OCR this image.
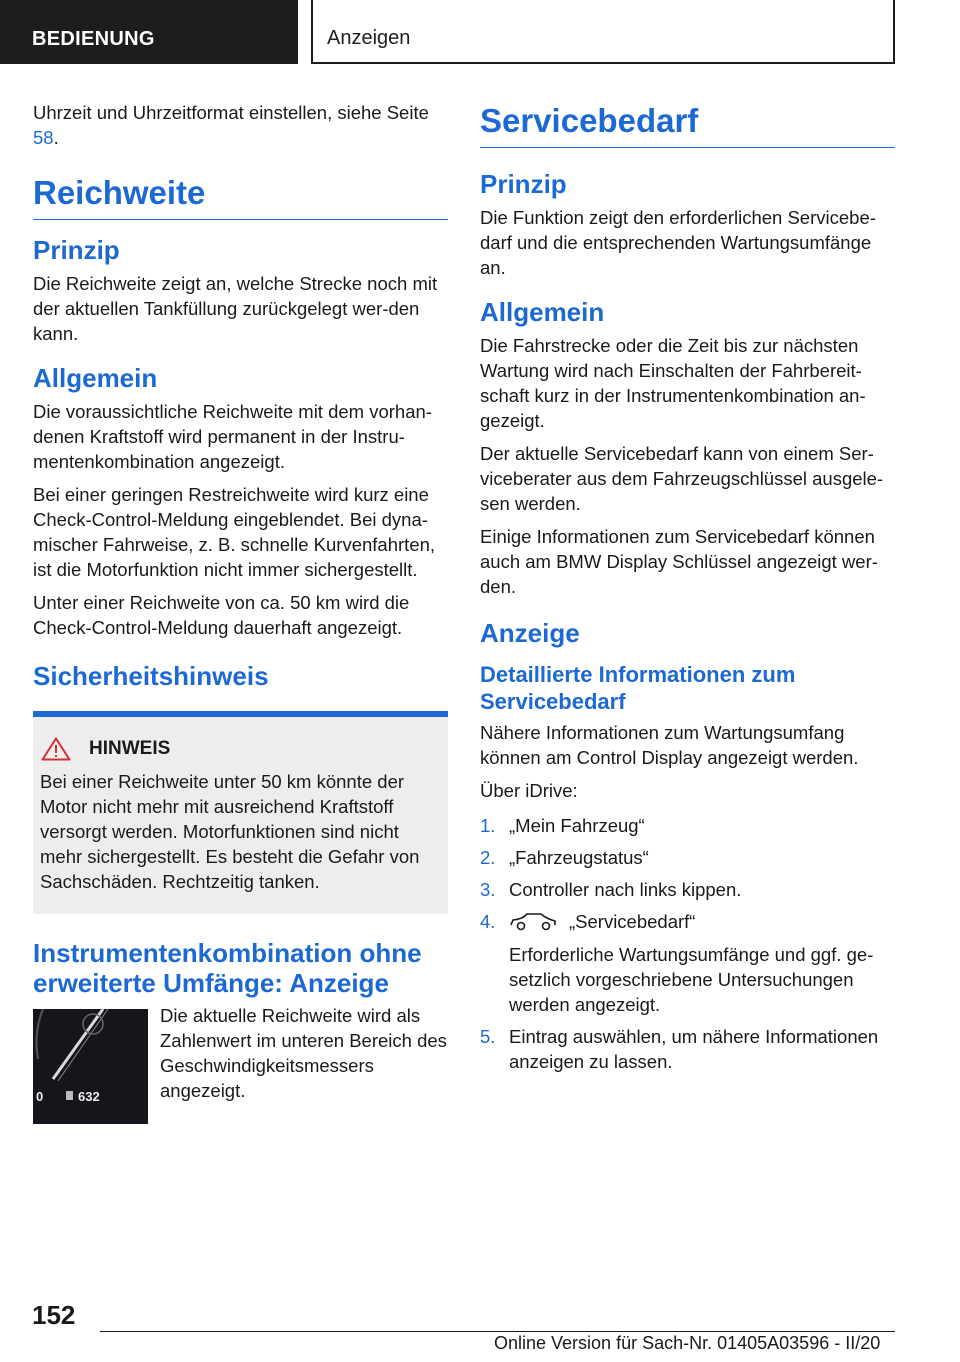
BEDIENUNG	Anzeigen

Uhrzeit und Uhrzeitformat einstellen, siehe Seite 58.

Reichweite
Prinzip

Die Reichweite zeigt an, welche Strecke noch mit der aktuellen Tankfüllung zurückgelegt wer-den kann.

Allgemein

Die voraussichtliche Reichweite mit dem vorhan-denen Kraftstoff wird permanent in der Instru-mentenkombination angezeigt.

Bei einer geringen Restreichweite wird kurz eine Check-Control-Meldung eingeblendet. Bei dyna-mischer Fahrweise, z. B. schnelle Kurvenfahrten, ist die Motorfunktion nicht immer sichergestellt.

Unter einer Reichweite von ca. 50 km wird die Check-Control-Meldung dauerhaft angezeigt.

Sicherheitshinweis
HINWEIS

Bei einer Reichweite unter 50 km könnte der Motor nicht mehr mit ausreichend Kraftstoff versorgt werden. Motorfunktionen sind nicht mehr sichergestellt. Es besteht die Gefahr von Sachschäden. Rechtzeitig tanken.

Instrumentenkombination ohne erweiterte Umfänge: Anzeige
0	632

Die aktuelle Reichweite wird als Zahlenwert im unteren Bereich des Geschwindigkeitsmessers angezeigt.

Servicebedarf
Prinzip

Die Funktion zeigt den erforderlichen Servicebe-darf und die entsprechenden Wartungsumfänge an.

Allgemein

Die Fahrstrecke oder die Zeit bis zur nächsten Wartung wird nach Einschalten der Fahrbereit-schaft kurz in der Instrumentenkombination an-gezeigt.

Der aktuelle Servicebedarf kann von einem Ser-viceberater aus dem Fahrzeugschlüssel ausgele-sen werden.

Einige Informationen zum Servicebedarf können auch am BMW Display Schlüssel angezeigt wer-den.

Anzeige
Detaillierte Informationen zum Servicebedarf

Nähere Informationen zum Wartungsumfang können am Control Display angezeigt werden.

Über iDrive:

1. „Mein Fahrzeug“
2. „Fahrzeugstatus“
3. Controller nach links kippen.
4.	„Servicebedarf“
Erforderliche Wartungsumfänge und ggf. ge-setzlich vorgeschriebene Untersuchungen werden angezeigt.
5. Eintrag auswählen, um nähere Informationen anzeigen zu lassen.
152
Online Version für Sach-Nr. 01405A03596 - II/20
